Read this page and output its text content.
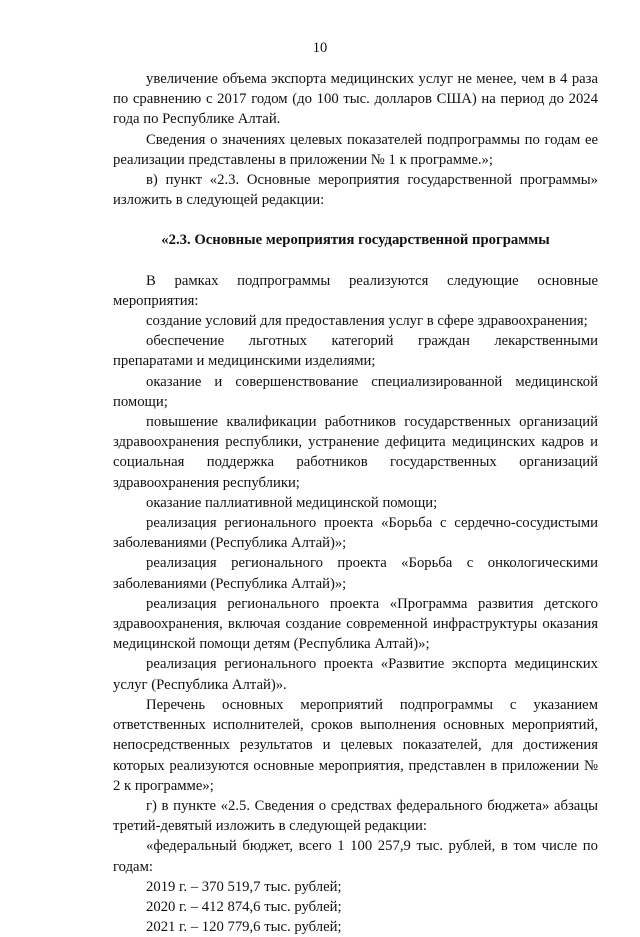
10

увеличение объема экспорта медицинских услуг не менее, чем в 4 раза по сравнению с 2017 годом (до 100 тыс. долларов США) на период до 2024 года по Республике Алтай.

Сведения о значениях целевых показателей подпрограммы по годам ее реализации представлены в приложении № 1 к программе.»;

в) пункт «2.3. Основные мероприятия государственной программы» изложить в следующей редакции:

«2.3. Основные мероприятия государственной программы

В рамках подпрограммы реализуются следующие основные мероприятия:

создание условий для предоставления услуг в сфере здравоохранения;

обеспечение льготных категорий граждан лекарственными препаратами и медицинскими изделиями;

оказание и совершенствование специализированной медицинской помощи;

повышение квалификации работников государственных организаций здравоохранения республики, устранение дефицита медицинских кадров и социальная поддержка работников государственных организаций здравоохранения республики;

оказание паллиативной медицинской помощи;

реализация регионального проекта «Борьба с сердечно-сосудистыми заболеваниями (Республика Алтай)»;

реализация регионального проекта «Борьба с онкологическими заболеваниями (Республика Алтай)»;

реализация регионального проекта «Программа развития детского здравоохранения, включая создание современной инфраструктуры оказания медицинской помощи детям (Республика Алтай)»;

реализация регионального проекта «Развитие экспорта медицинских услуг (Республика Алтай)».

Перечень основных мероприятий подпрограммы с указанием ответственных исполнителей, сроков выполнения основных мероприятий, непосредственных результатов и целевых показателей, для достижения которых реализуются основные мероприятия, представлен в приложении № 2 к программе»;

г) в пункте «2.5. Сведения о средствах федерального бюджета» абзацы третий-девятый изложить в следующей редакции:

«федеральный бюджет, всего 1 100 257,9 тыс. рублей, в том числе по годам:

2019 г. – 370 519,7 тыс. рублей;

2020 г. – 412 874,6 тыс. рублей;

2021 г. – 120 779,6 тыс. рублей;
